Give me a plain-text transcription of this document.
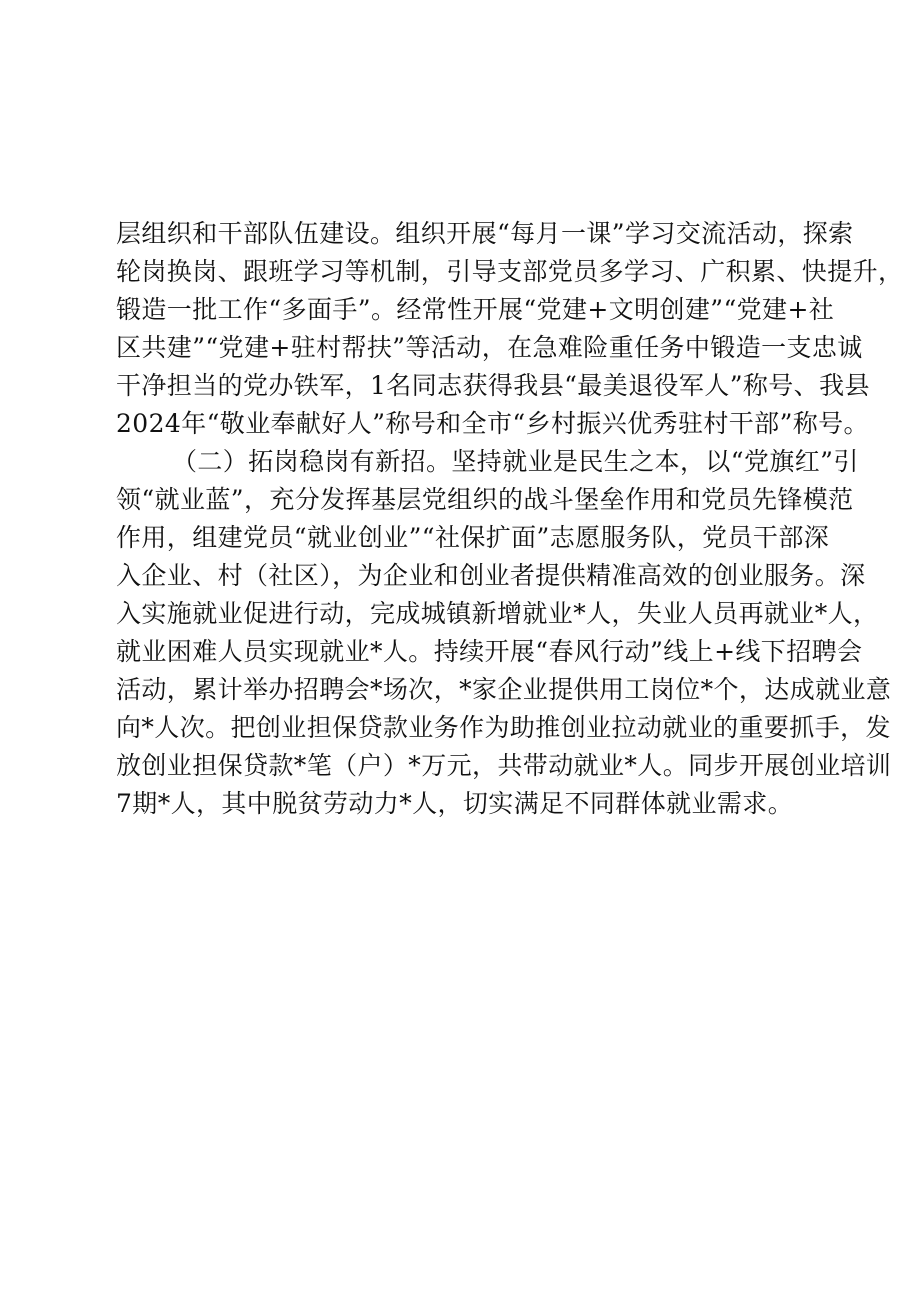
层组织和干部队伍建设。组织开展“每月一课”学习交流活动，探索
轮岗换岗、跟班学习等机制，引导支部党员多学习、广积累、快提升，
锻造一批工作“多面手”。经常性开展“党建+文明创建”“党建+社
区共建”“党建+驻村帮扶”等活动，在急难险重任务中锻造一支忠诚
干净担当的党办铁军，1名同志获得我县“最美退役军人”称号、我县
2024年“敬业奉献好人”称号和全市“乡村振兴优秀驻村干部”称号。
（二）拓岗稳岗有新招。坚持就业是民生之本，以“党旗红”引
领“就业蓝”，充分发挥基层党组织的战斗堡垒作用和党员先锋模范
作用，组建党员“就业创业”“社保扩面”志愿服务队，党员干部深
入企业、村（社区），为企业和创业者提供精准高效的创业服务。深
入实施就业促进行动，完成城镇新增就业*人，失业人员再就业*人，
就业困难人员实现就业*人。持续开展“春风行动”线上+线下招聘会
活动，累计举办招聘会*场次，*家企业提供用工岗位*个，达成就业意
向*人次。把创业担保贷款业务作为助推创业拉动就业的重要抓手，发
放创业担保贷款*笔（户）*万元，共带动就业*人。同步开展创业培训
7期*人，其中脱贫劳动力*人，切实满足不同群体就业需求。
